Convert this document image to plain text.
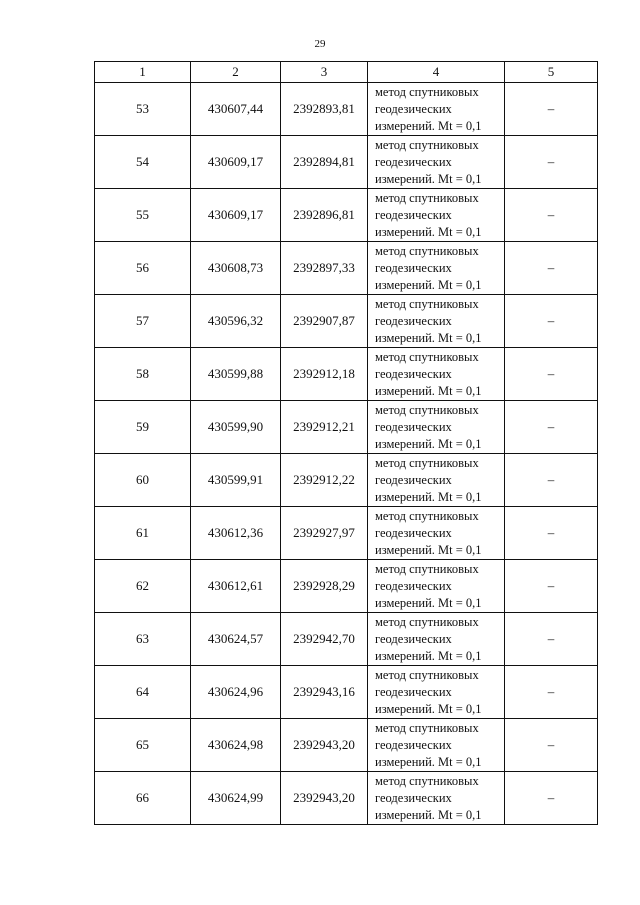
29
1	2	3	4	5
53	430607,44	2392893,81	метод спутниковых
геодезических
измерений. Mt = 0,1	–
54	430609,17	2392894,81	метод спутниковых
геодезических
измерений. Mt = 0,1	–
55	430609,17	2392896,81	метод спутниковых
геодезических
измерений. Mt = 0,1	–
56	430608,73	2392897,33	метод спутниковых
геодезических
измерений. Mt = 0,1	–
57	430596,32	2392907,87	метод спутниковых
геодезических
измерений. Mt = 0,1	–
58	430599,88	2392912,18	метод спутниковых
геодезических
измерений. Mt = 0,1	–
59	430599,90	2392912,21	метод спутниковых
геодезических
измерений. Mt = 0,1	–
60	430599,91	2392912,22	метод спутниковых
геодезических
измерений. Mt = 0,1	–
61	430612,36	2392927,97	метод спутниковых
геодезических
измерений. Mt = 0,1	–
62	430612,61	2392928,29	метод спутниковых
геодезических
измерений. Mt = 0,1	–
63	430624,57	2392942,70	метод спутниковых
геодезических
измерений. Mt = 0,1	–
64	430624,96	2392943,16	метод спутниковых
геодезических
измерений. Mt = 0,1	–
65	430624,98	2392943,20	метод спутниковых
геодезических
измерений. Mt = 0,1	–
66	430624,99	2392943,20	метод спутниковых
геодезических
измерений. Mt = 0,1	–
